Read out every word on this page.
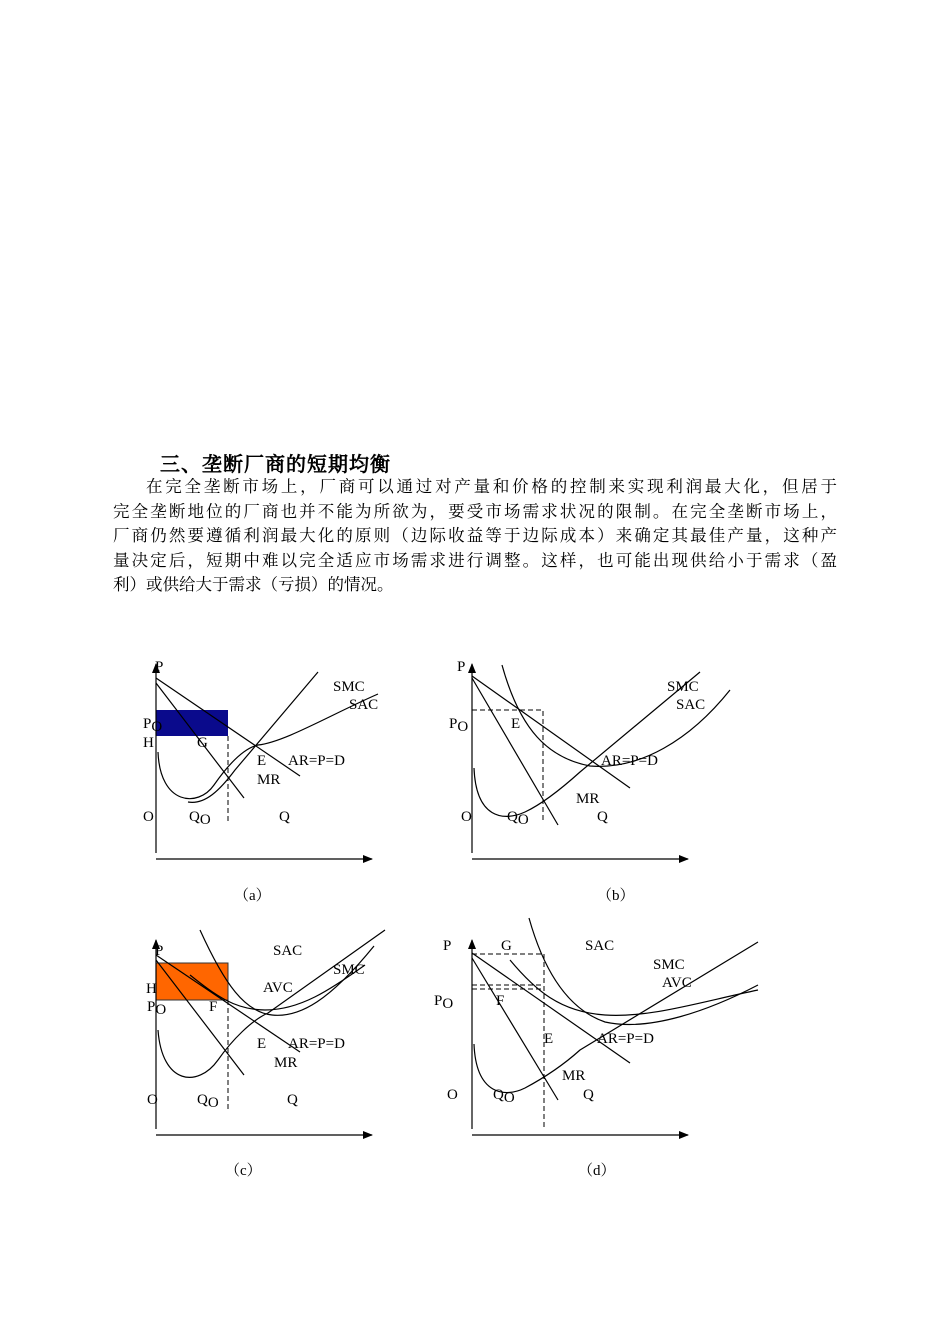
三、垄断厂商的短期均衡
在完全垄断市场上，厂商可以通过对产量和价格的控制来实现利润最大化，但居于
完全垄断地位的厂商也并不能为所欲为，要受市场需求状况的限制。在完全垄断市场上，
厂商仍然要遵循利润最大化的原则（边际收益等于边际成本）来确定其最佳产量，这种产
量决定后，短期中难以完全适应市场需求进行调整。这样，也可能出现供给小于需求（盈
利）或供给大于需求（亏损）的情况。
P
PO
H	G
E
SMC
SAC
AR=P=D
MR
O QO	Q
（a）
P
PO	E
SMC
SAC
AR=P=D
MR
O QO	Q
（b）
P
H
PO	F
E
SAC
SMC
AVC
AR=P=D
MR
O	QO	Q
（c）
P	G
PO	F
E
SAC
SMC
AVC
AR=P=D
MR
O QO	Q
（d）
